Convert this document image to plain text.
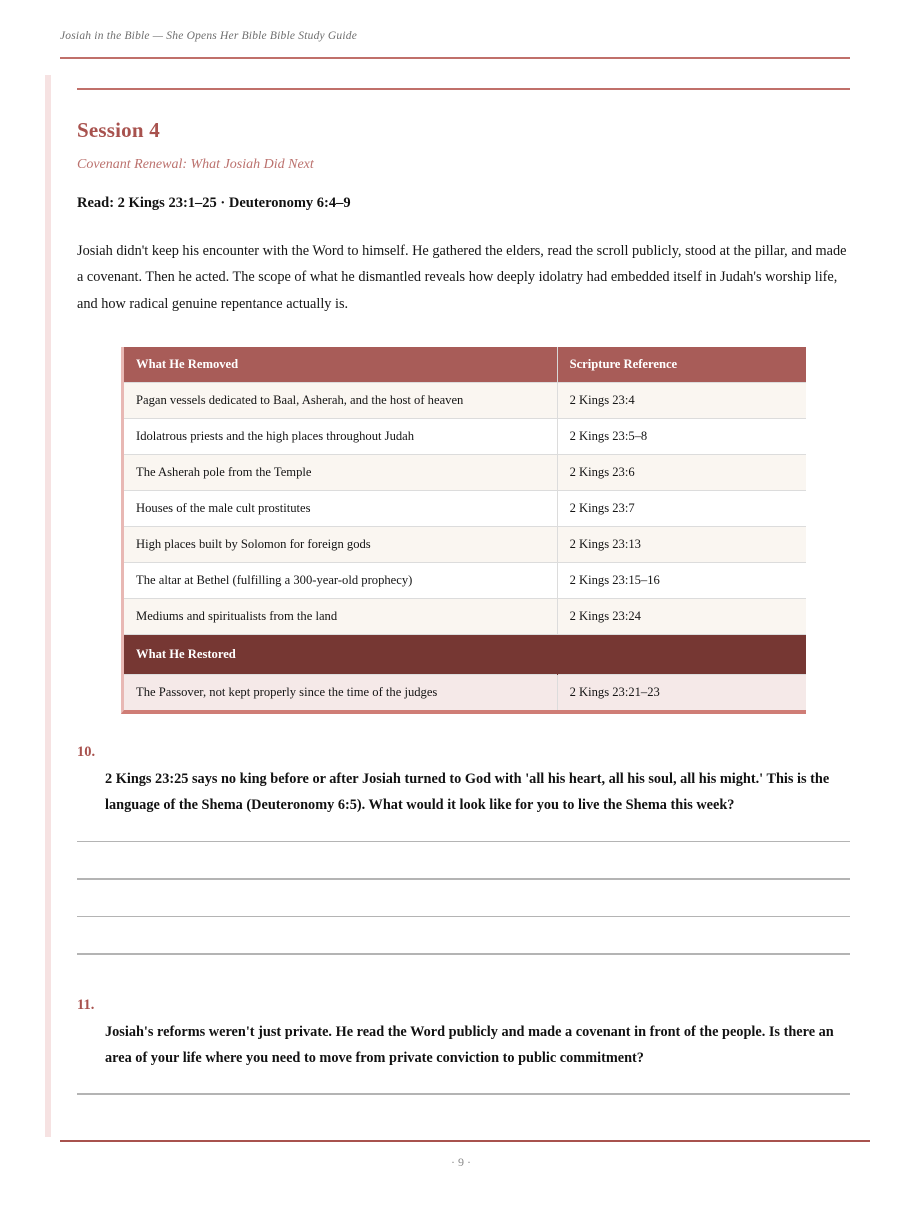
Josiah in the Bible — She Opens Her Bible Bible Study Guide
Session 4
Covenant Renewal: What Josiah Did Next
Read: 2 Kings 23:1–25 · Deuteronomy 6:4–9

Josiah didn't keep his encounter with the Word to himself. He gathered the elders, read the scroll publicly, stood at the pillar, and made a covenant. Then he acted. The scope of what he dismantled reveals how deeply idolatry had embedded itself in Judah's worship life, and how radical genuine repentance actually is.

What He Removed	Scripture Reference
Pagan vessels dedicated to Baal, Asherah, and the host of heaven	2 Kings 23:4
Idolatrous priests and the high places throughout Judah	2 Kings 23:5–8
The Asherah pole from the Temple	2 Kings 23:6
Houses of the male cult prostitutes	2 Kings 23:7
High places built by Solomon for foreign gods	2 Kings 23:13
The altar at Bethel (fulfilling a 300-year-old prophecy)	2 Kings 23:15–16
Mediums and spiritualists from the land	2 Kings 23:24
What He Restored	
The Passover, not kept properly since the time of the judges	2 Kings 23:21–23
10.
2 Kings 23:25 says no king before or after Josiah turned to God with 'all his heart, all his soul, all his might.' This is the language of the Shema (Deuteronomy 6:5). What would it look like for you to live the Shema this week?
11.
Josiah's reforms weren't just private. He read the Word publicly and made a covenant in front of the people. Is there an area of your life where you need to move from private conviction to public commitment?
· 9 ·
